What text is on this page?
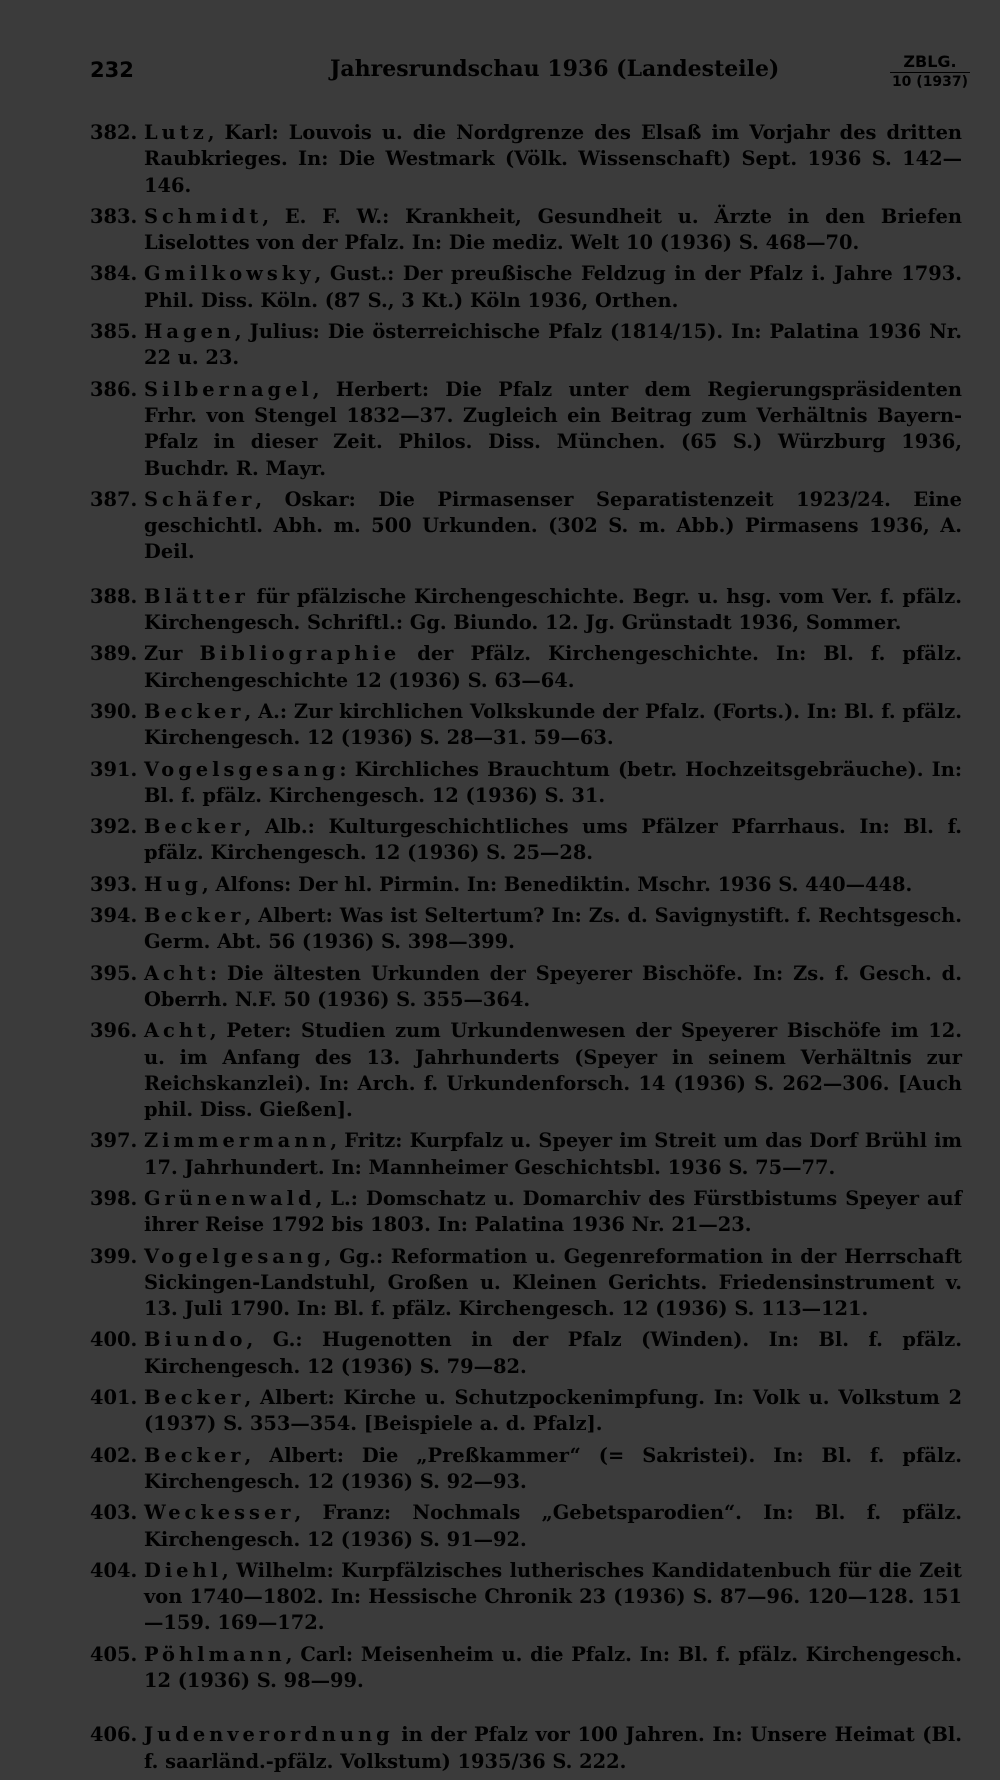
232	Jahresrundschau 1936 (Landesteile)	ZBLG.
10 (1937)
382. Lutz, Karl: Louvois u. die Nordgrenze des Elsaß im Vorjahr des dritten Raubkrieges. In: Die Westmark (Völk. Wissenschaft) Sept. 1936 S. 142—146.
383. Schmidt, E. F. W.: Krankheit, Gesundheit u. Ärzte in den Briefen Liselottes von der Pfalz. In: Die mediz. Welt 10 (1936) S. 468—70.
384. Gmilkowsky, Gust.: Der preußische Feldzug in der Pfalz i. Jahre 1793. Phil. Diss. Köln. (87 S., 3 Kt.) Köln 1936, Orthen.
385. Hagen, Julius: Die österreichische Pfalz (1814/15). In: Palatina 1936 Nr. 22 u. 23.
386. Silbernagel, Herbert: Die Pfalz unter dem Regierungspräsidenten Frhr. von Stengel 1832—37. Zugleich ein Beitrag zum Verhältnis Bayern-Pfalz in dieser Zeit. Philos. Diss. München. (65 S.) Würzburg 1936, Buchdr. R. Mayr.
387. Schäfer, Oskar: Die Pirmasenser Separatistenzeit 1923/24. Eine geschichtl. Abh. m. 500 Urkunden. (302 S. m. Abb.) Pirmasens 1936, A. Deil.
388. Blätter für pfälzische Kirchengeschichte. Begr. u. hsg. vom Ver. f. pfälz. Kirchengesch. Schriftl.: Gg. Biundo. 12. Jg. Grünstadt 1936, Sommer.
389. Zur Bibliographie der Pfälz. Kirchengeschichte. In: Bl. f. pfälz. Kirchengeschichte 12 (1936) S. 63—64.
390. Becker, A.: Zur kirchlichen Volkskunde der Pfalz. (Forts.). In: Bl. f. pfälz. Kirchengesch. 12 (1936) S. 28—31. 59—63.
391. Vogelsgesang: Kirchliches Brauchtum (betr. Hochzeitsgebräuche). In: Bl. f. pfälz. Kirchengesch. 12 (1936) S. 31.
392. Becker, Alb.: Kulturgeschichtliches ums Pfälzer Pfarrhaus. In: Bl. f. pfälz. Kirchengesch. 12 (1936) S. 25—28.
393. Hug, Alfons: Der hl. Pirmin. In: Benediktin. Mschr. 1936 S. 440—448.
394. Becker, Albert: Was ist Seltertum? In: Zs. d. Savignystift. f. Rechtsgesch. Germ. Abt. 56 (1936) S. 398—399.
395. Acht: Die ältesten Urkunden der Speyerer Bischöfe. In: Zs. f. Gesch. d. Oberrh. N.F. 50 (1936) S. 355—364.
396. Acht, Peter: Studien zum Urkundenwesen der Speyerer Bischöfe im 12. u. im Anfang des 13. Jahrhunderts (Speyer in seinem Verhältnis zur Reichskanzlei). In: Arch. f. Urkundenforsch. 14 (1936) S. 262—306. [Auch phil. Diss. Gießen].
397. Zimmermann, Fritz: Kurpfalz u. Speyer im Streit um das Dorf Brühl im 17. Jahrhundert. In: Mannheimer Geschichtsbl. 1936 S. 75—77.
398. Grünenwald, L.: Domschatz u. Domarchiv des Fürstbistums Speyer auf ihrer Reise 1792 bis 1803. In: Palatina 1936 Nr. 21—23.
399. Vogelgesang, Gg.: Reformation u. Gegenreformation in der Herrschaft Sickingen-Landstuhl, Großen u. Kleinen Gerichts. Friedensinstrument v. 13. Juli 1790. In: Bl. f. pfälz. Kirchengesch. 12 (1936) S. 113—121.
400. Biundo, G.: Hugenotten in der Pfalz (Winden). In: Bl. f. pfälz. Kirchengesch. 12 (1936) S. 79—82.
401. Becker, Albert: Kirche u. Schutzpockenimpfung. In: Volk u. Volkstum 2 (1937) S. 353—354. [Beispiele a. d. Pfalz].
402. Becker, Albert: Die „Preßkammer“ (= Sakristei). In: Bl. f. pfälz. Kirchengesch. 12 (1936) S. 92—93.
403. Weckesser, Franz: Nochmals „Gebetsparodien“. In: Bl. f. pfälz. Kirchengesch. 12 (1936) S. 91—92.
404. Diehl, Wilhelm: Kurpfälzisches lutherisches Kandidatenbuch für die Zeit von 1740—1802. In: Hessische Chronik 23 (1936) S. 87—96. 120—128. 151—159. 169—172.
405. Pöhlmann, Carl: Meisenheim u. die Pfalz. In: Bl. f. pfälz. Kirchengesch. 12 (1936) S. 98—99.
406. Judenverordnung in der Pfalz vor 100 Jahren. In: Unsere Heimat (Bl. f. saarländ.-pfälz. Volkstum) 1935/36 S. 222.
